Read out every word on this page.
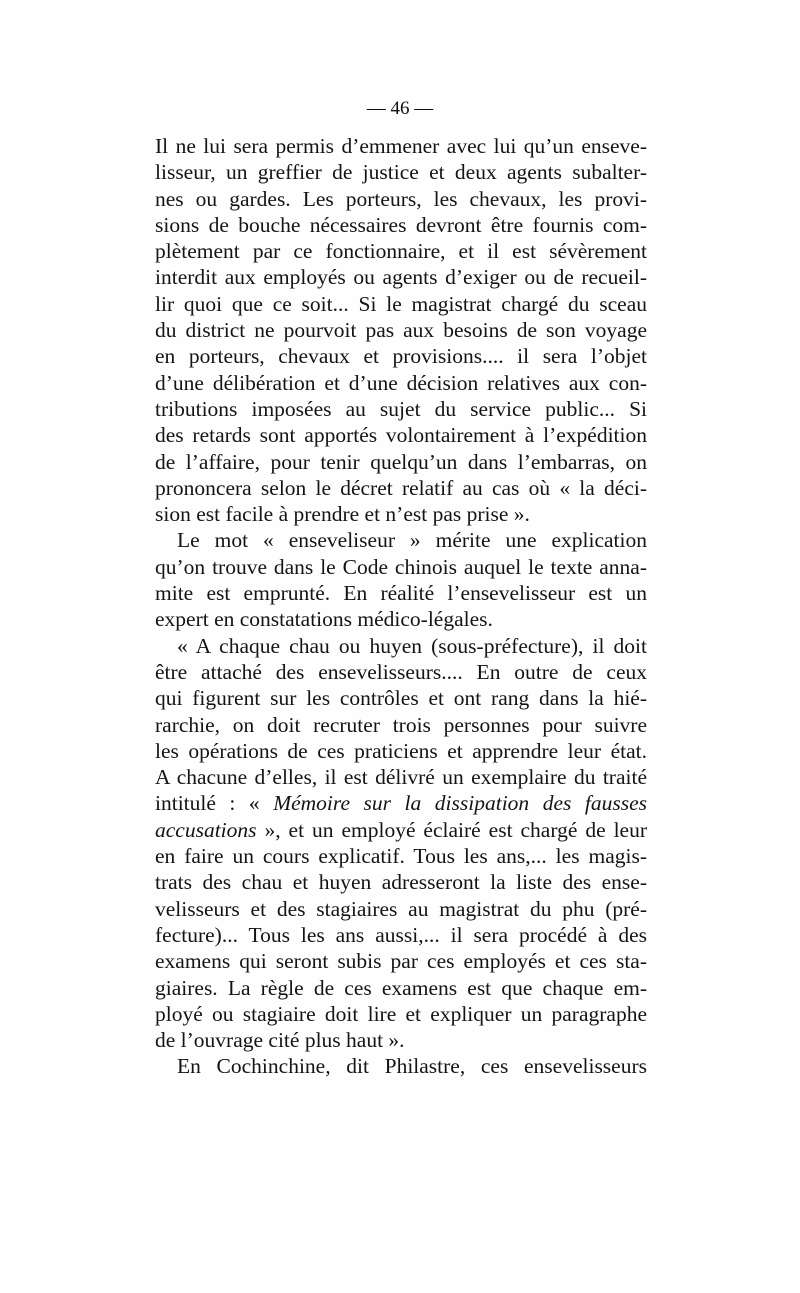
— 46 —

Il ne lui sera permis d’emmener avec lui qu’un enseve-
lisseur, un greffier de justice et deux agents subalter-
nes ou gardes. Les porteurs, les chevaux, les provi-
sions de bouche nécessaires devront être fournis com-
plètement par ce fonctionnaire, et il est sévèrement
interdit aux employés ou agents d’exiger ou de recueil-
lir quoi que ce soit... Si le magistrat chargé du sceau
du district ne pourvoit pas aux besoins de son voyage
en porteurs, chevaux et provisions.... il sera l’objet
d’une délibération et d’une décision relatives aux con-
tributions imposées au sujet du service public... Si
des retards sont apportés volontairement à l’expédition
de l’affaire, pour tenir quelqu’un dans l’embarras, on
prononcera selon le décret relatif au cas où « la déci-
sion est facile à prendre et n’est pas prise ».
Le mot « enseveliseur » mérite une explication
qu’on trouve dans le Code chinois auquel le texte anna-
mite est emprunté. En réalité l’ensevelisseur est un
expert en constatations médico-légales.
« A chaque chau ou huyen (sous-préfecture), il doit
être attaché des ensevelisseurs.... En outre de ceux
qui figurent sur les contrôles et ont rang dans la hié-
rarchie, on doit recruter trois personnes pour suivre
les opérations de ces praticiens et apprendre leur état.
A chacune d’elles, il est délivré un exemplaire du traité
intitulé : « Mémoire sur la dissipation des fausses
accusations », et un employé éclairé est chargé de leur
en faire un cours explicatif. Tous les ans,... les magis-
trats des chau et huyen adresseront la liste des ense-
velisseurs et des stagiaires au magistrat du phu (pré-
fecture)... Tous les ans aussi,... il sera procédé à des
examens qui seront subis par ces employés et ces sta-
giaires. La règle de ces examens est que chaque em-
ployé ou stagiaire doit lire et expliquer un paragraphe
de l’ouvrage cité plus haut ».
En Cochinchine, dit Philastre, ces ensevelisseurs
